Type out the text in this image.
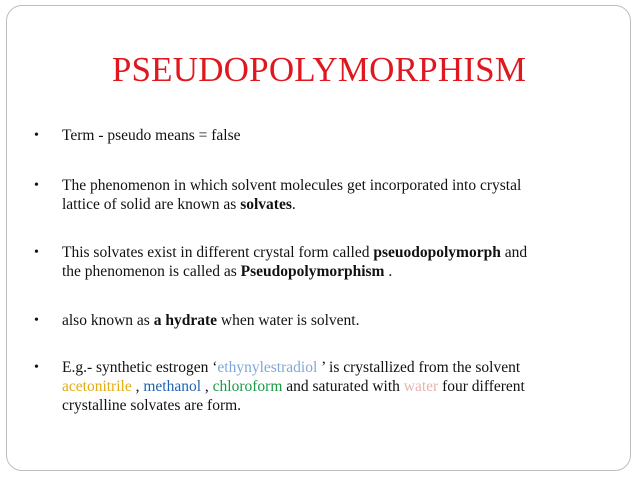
PSEUDOPOLYMORPHISM
•	Term - pseudo means = false
•	The phenomenon in which solvent molecules get incorporated into crystal
lattice of solid are known as solvates.
•	This solvates exist in different crystal form called pseuodopolymorph and
the phenomenon is called as Pseudopolymorphism .
•	also known as a hydrate when water is solvent.
•	E.g.- synthetic estrogen ‘ethynylestradiol ’ is crystallized from the solvent
acetonitrile , methanol , chloroform and saturated with water four different
crystalline solvates are form.
